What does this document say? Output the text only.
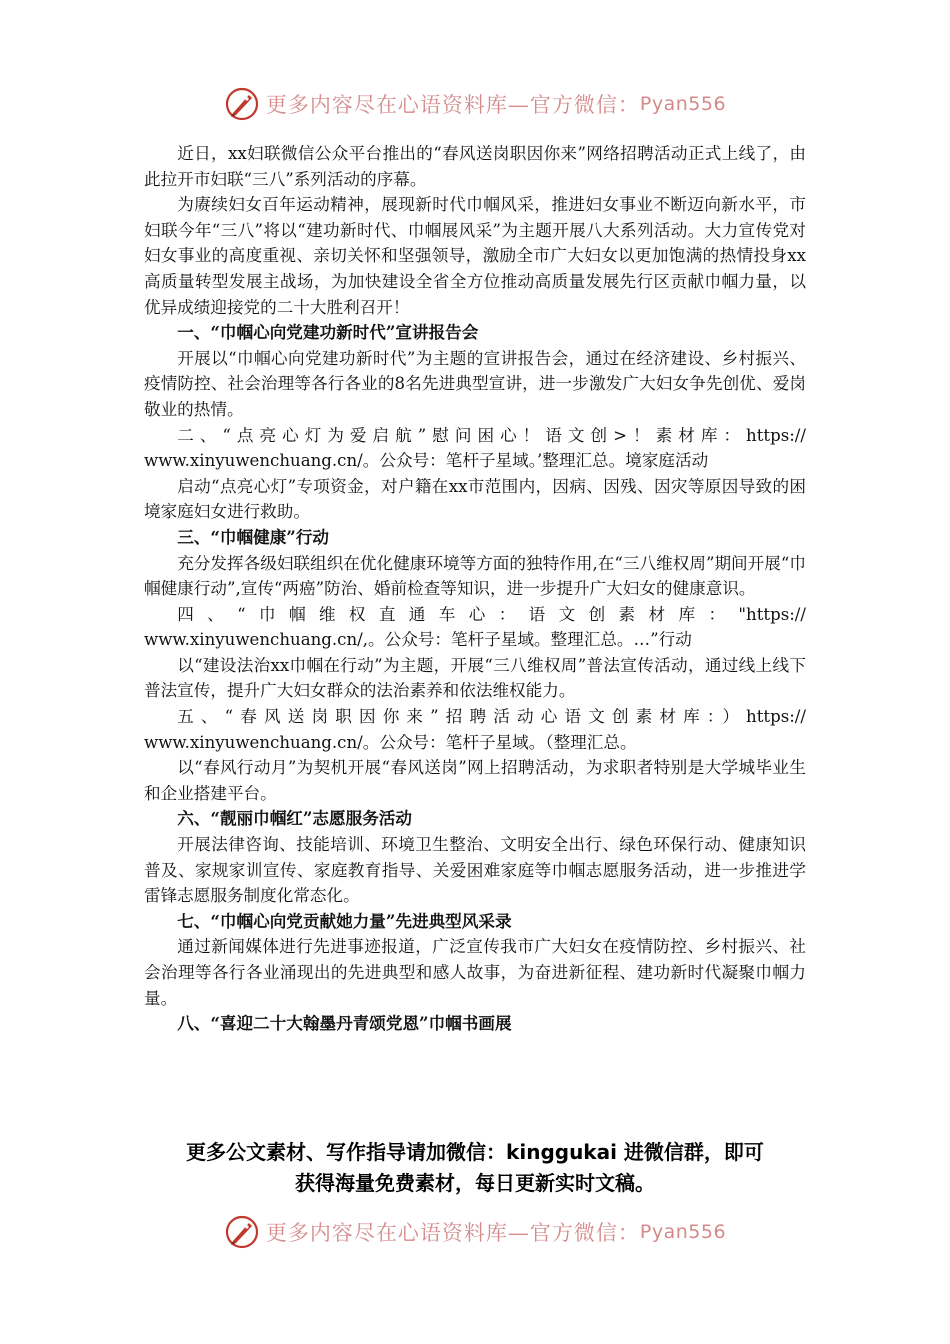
更多内容尽在心语资料库—官方微信： Pyan556

近日，xx妇联微信公众平台推出的“春风送岗职因你来”网络招聘活动正式上线了，由此拉开市妇联“三八”系列活动的序幕。

为赓续妇女百年运动精神，展现新时代巾帼风采，推进妇女事业不断迈向新水平，市妇联今年“三八”将以“建功新时代、巾帼展风采”为主题开展八大系列活动。大力宣传党对妇女事业的高度重视、亲切关怀和坚强领导，激励全市广大妇女以更加饱满的热情投身xx高质量转型发展主战场，为加快建设全省全方位推动高质量发展先行区贡献巾帼力量，以优异成绩迎接党的二十大胜利召开！

一、“巾帼心向党建功新时代”宣讲报告会

开展以“巾帼心向党建功新时代”为主题的宣讲报告会，通过在经济建设、乡村振兴、疫情防控、社会治理等各行各业的8名先进典型宣讲，进一步激发广大妇女争先创优、爱岗敬业的热情。

二、“点亮心灯为爱启航”慰问困心！语文创>！素材库：https://

www.xinyuwenchuang.cn/。公众号：笔杆子星域。’整理汇总。境家庭活动

启动“点亮心灯”专项资金，对户籍在xx市范围内，因病、因残、因灾等原因导致的困境家庭妇女进行救助。

三、“巾帼健康”行动

充分发挥各级妇联组织在优化健康环境等方面的独特作用,在“三八维权周”期间开展“巾帼健康行动”,宣传“两癌”防治、婚前检查等知识，进一步提升广大妇女的健康意识。

四、“巾帼维权直通车心：语文创素材库："https://

www.xinyuwenchuang.cn/,。公众号：笔杆子星域。整理汇总。…”行动

以“建设法治xx巾帼在行动”为主题，开展“三八维权周”普法宣传活动，通过线上线下普法宣传，提升广大妇女群众的法治素养和依法维权能力。

五、“春风送岗职因你来”招聘活动心语文创素材库：）https://

www.xinyuwenchuang.cn/。公众号：笔杆子星域。（整理汇总。

以“春风行动月”为契机开展“春风送岗”网上招聘活动，为求职者特别是大学城毕业生和企业搭建平台。

六、“靓丽巾帼红”志愿服务活动

开展法律咨询、技能培训、环境卫生整治、文明安全出行、绿色环保行动、健康知识普及、家规家训宣传、家庭教育指导、关爱困难家庭等巾帼志愿服务活动，进一步推进学雷锋志愿服务制度化常态化。

七、“巾帼心向党贡献她力量”先进典型风采录

通过新闻媒体进行先进事迹报道，广泛宣传我市广大妇女在疫情防控、乡村振兴、社会治理等各行各业涌现出的先进典型和感人故事，为奋进新征程、建功新时代凝聚巾帼力量。

八、“喜迎二十大翰墨丹青颂党恩”巾帼书画展

更多公文素材、写作指导请加微信：kinggukai 进微信群，即可
获得海量免费素材，每日更新实时文稿。
更多内容尽在心语资料库—官方微信： Pyan556
